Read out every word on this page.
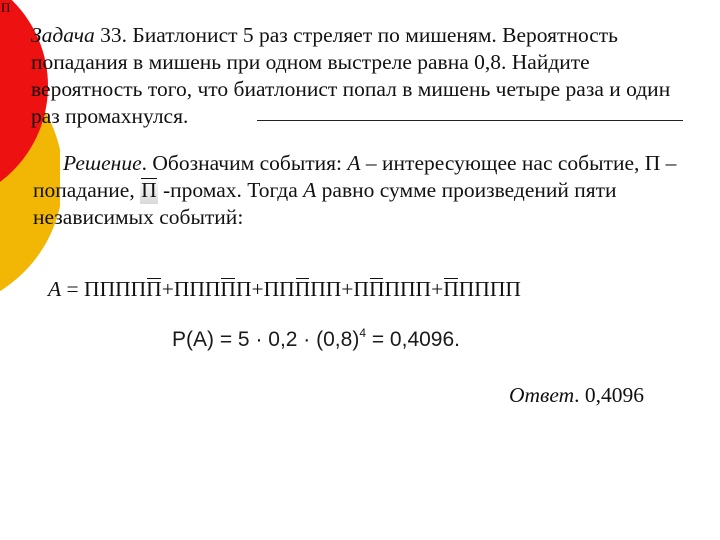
П
Задача 33. Биатлонист 5 раз стреляет по мишеням. Вероятность попадания в мишень при одном выстреле равна 0,8. Найдите вероятность того, что биатлонист попал в мишень четыре раза и один раз промахнулся.
Решение. Обозначим события: А – интересующее нас событие, П – попадание, П -промах. Тогда А равно сумме произведений пяти независимых событий:
А = ППППП+ППППП+ППППП+ППППП+ППППП
$P(A) = 5 \cdot 0,2 \cdot (0,8)^4 = 0,4096$.
Ответ. 0,4096
